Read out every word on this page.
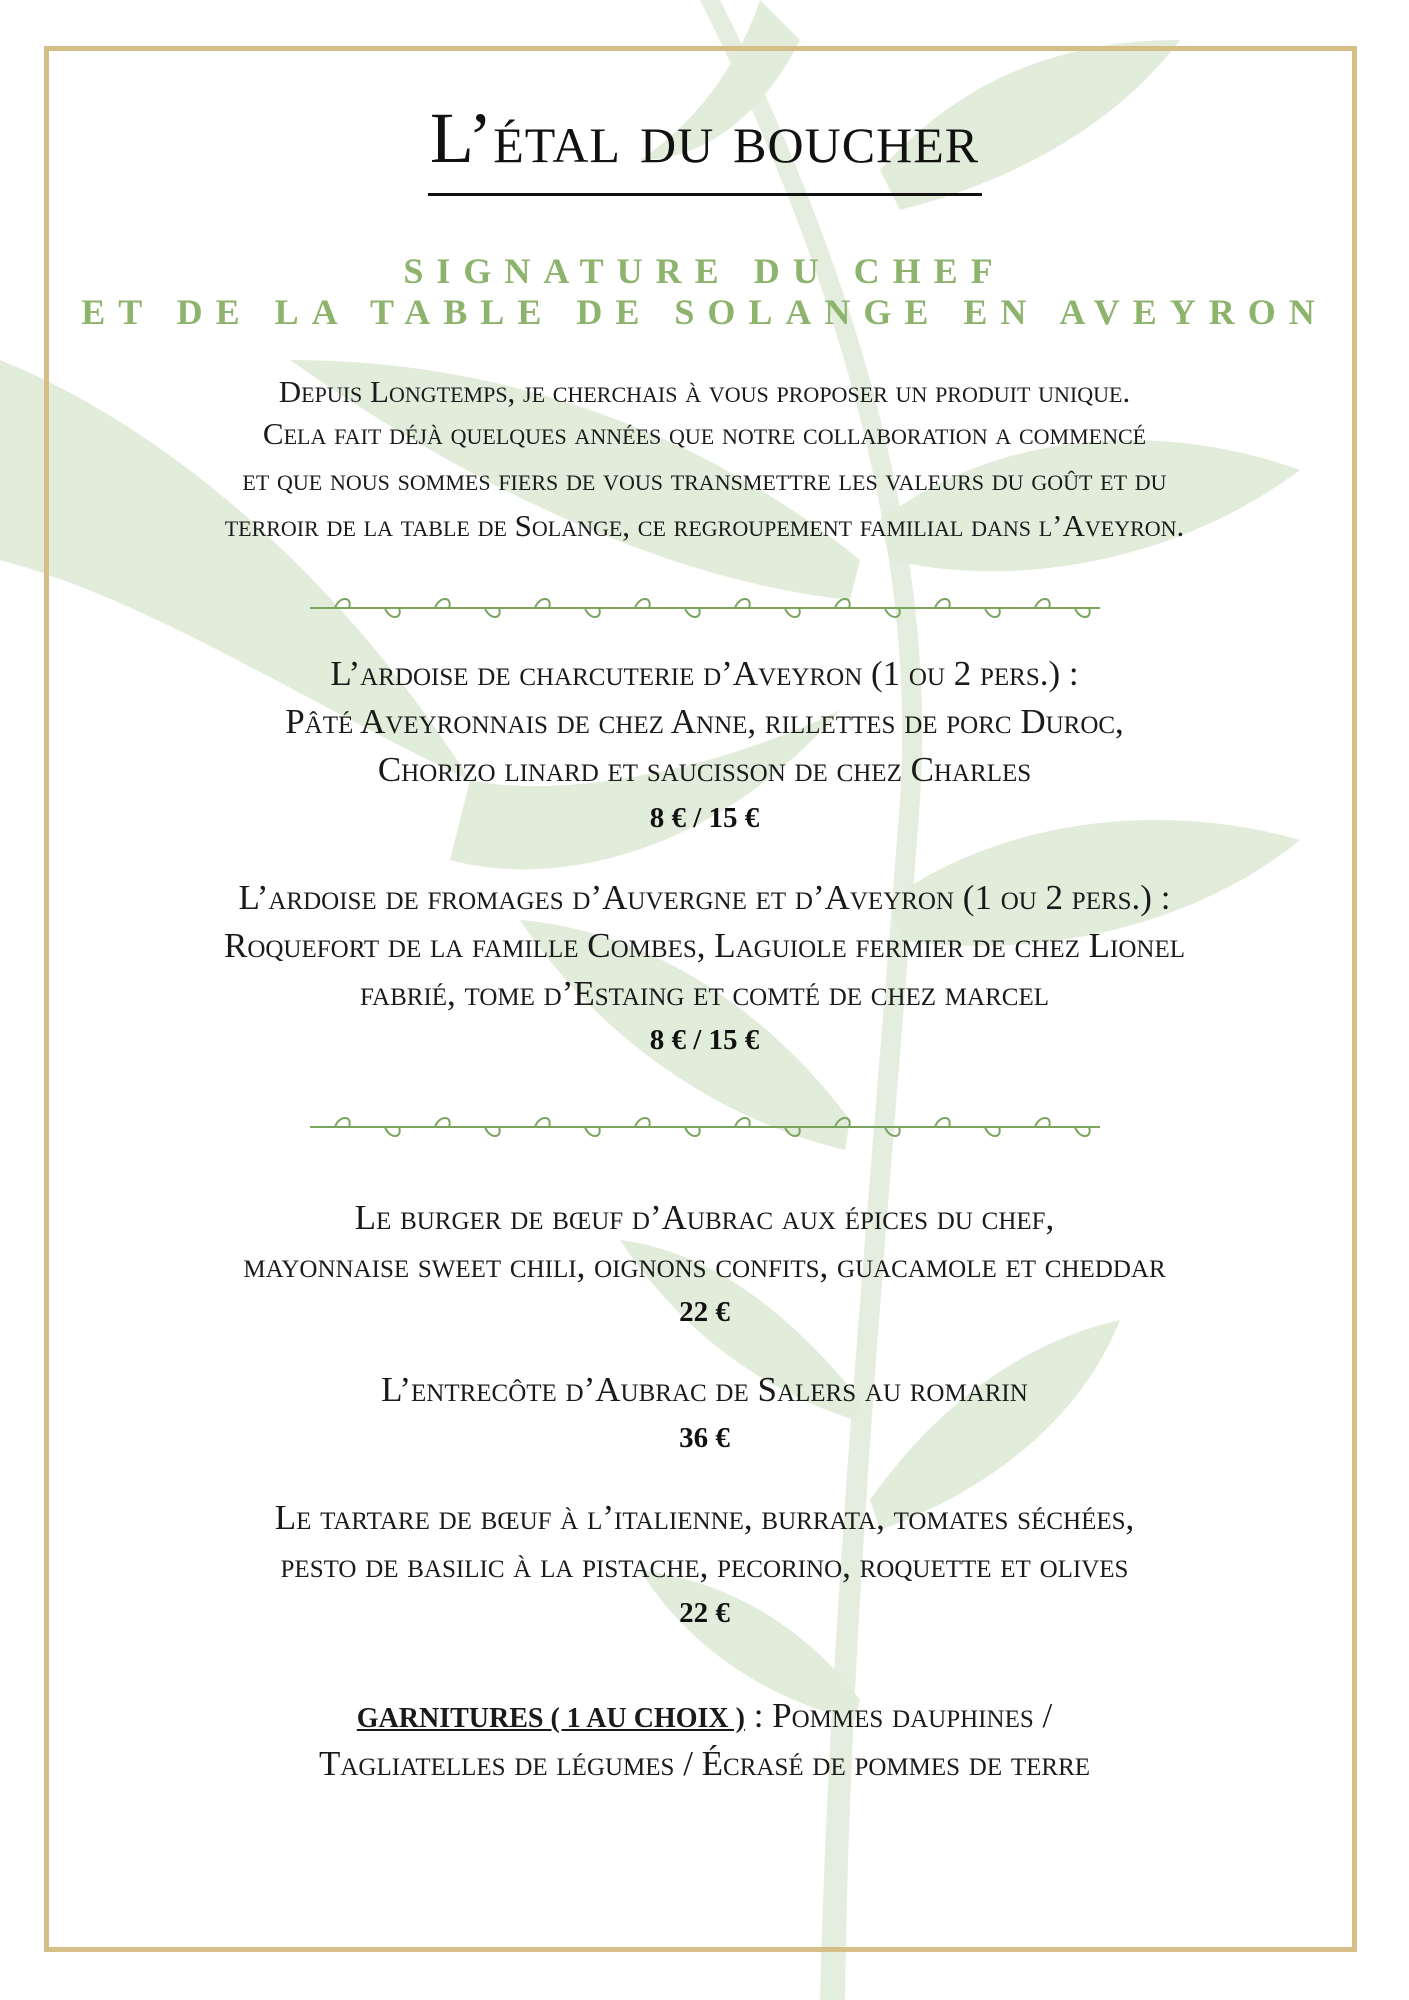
L’étal du boucher
SIGNATURE DU CHEF
ET DE LA TABLE DE SOLANGE EN AVEYRON

Depuis Longtemps, je cherchais à vous proposer un produit unique.

Cela fait déjà quelques années que notre collaboration a commencé

et que nous sommes fiers de vous transmettre les valeurs du goût et du

terroir de la table de Solange, ce regroupement familial dans l’Aveyron.

L’ardoise de charcuterie d’Aveyron (1 ou 2 pers.) :

Pâté Aveyronnais de chez Anne, rillettes de porc Duroc,

Chorizo linard et saucisson de chez Charles

8 € / 15 €

L’ardoise de fromages d’Auvergne et d’Aveyron (1 ou 2 pers.) :

Roquefort de la famille Combes, Laguiole fermier de chez Lionel

fabrié, tome d’Estaing et comté de chez marcel

8 € / 15 €

Le burger de bœuf d’Aubrac aux épices du chef,

mayonnaise sweet chili, oignons confits, guacamole et cheddar

22 €

L’entrecôte d’Aubrac de Salers au romarin

36 €

Le tartare de bœuf à l’italienne, burrata, tomates séchées,

pesto de basilic à la pistache, pecorino, roquette et olives

22 €

GARNITURES ( 1 AU CHOIX ) : Pommes dauphines /

Tagliatelles de légumes / Écrasé de pommes de terre
